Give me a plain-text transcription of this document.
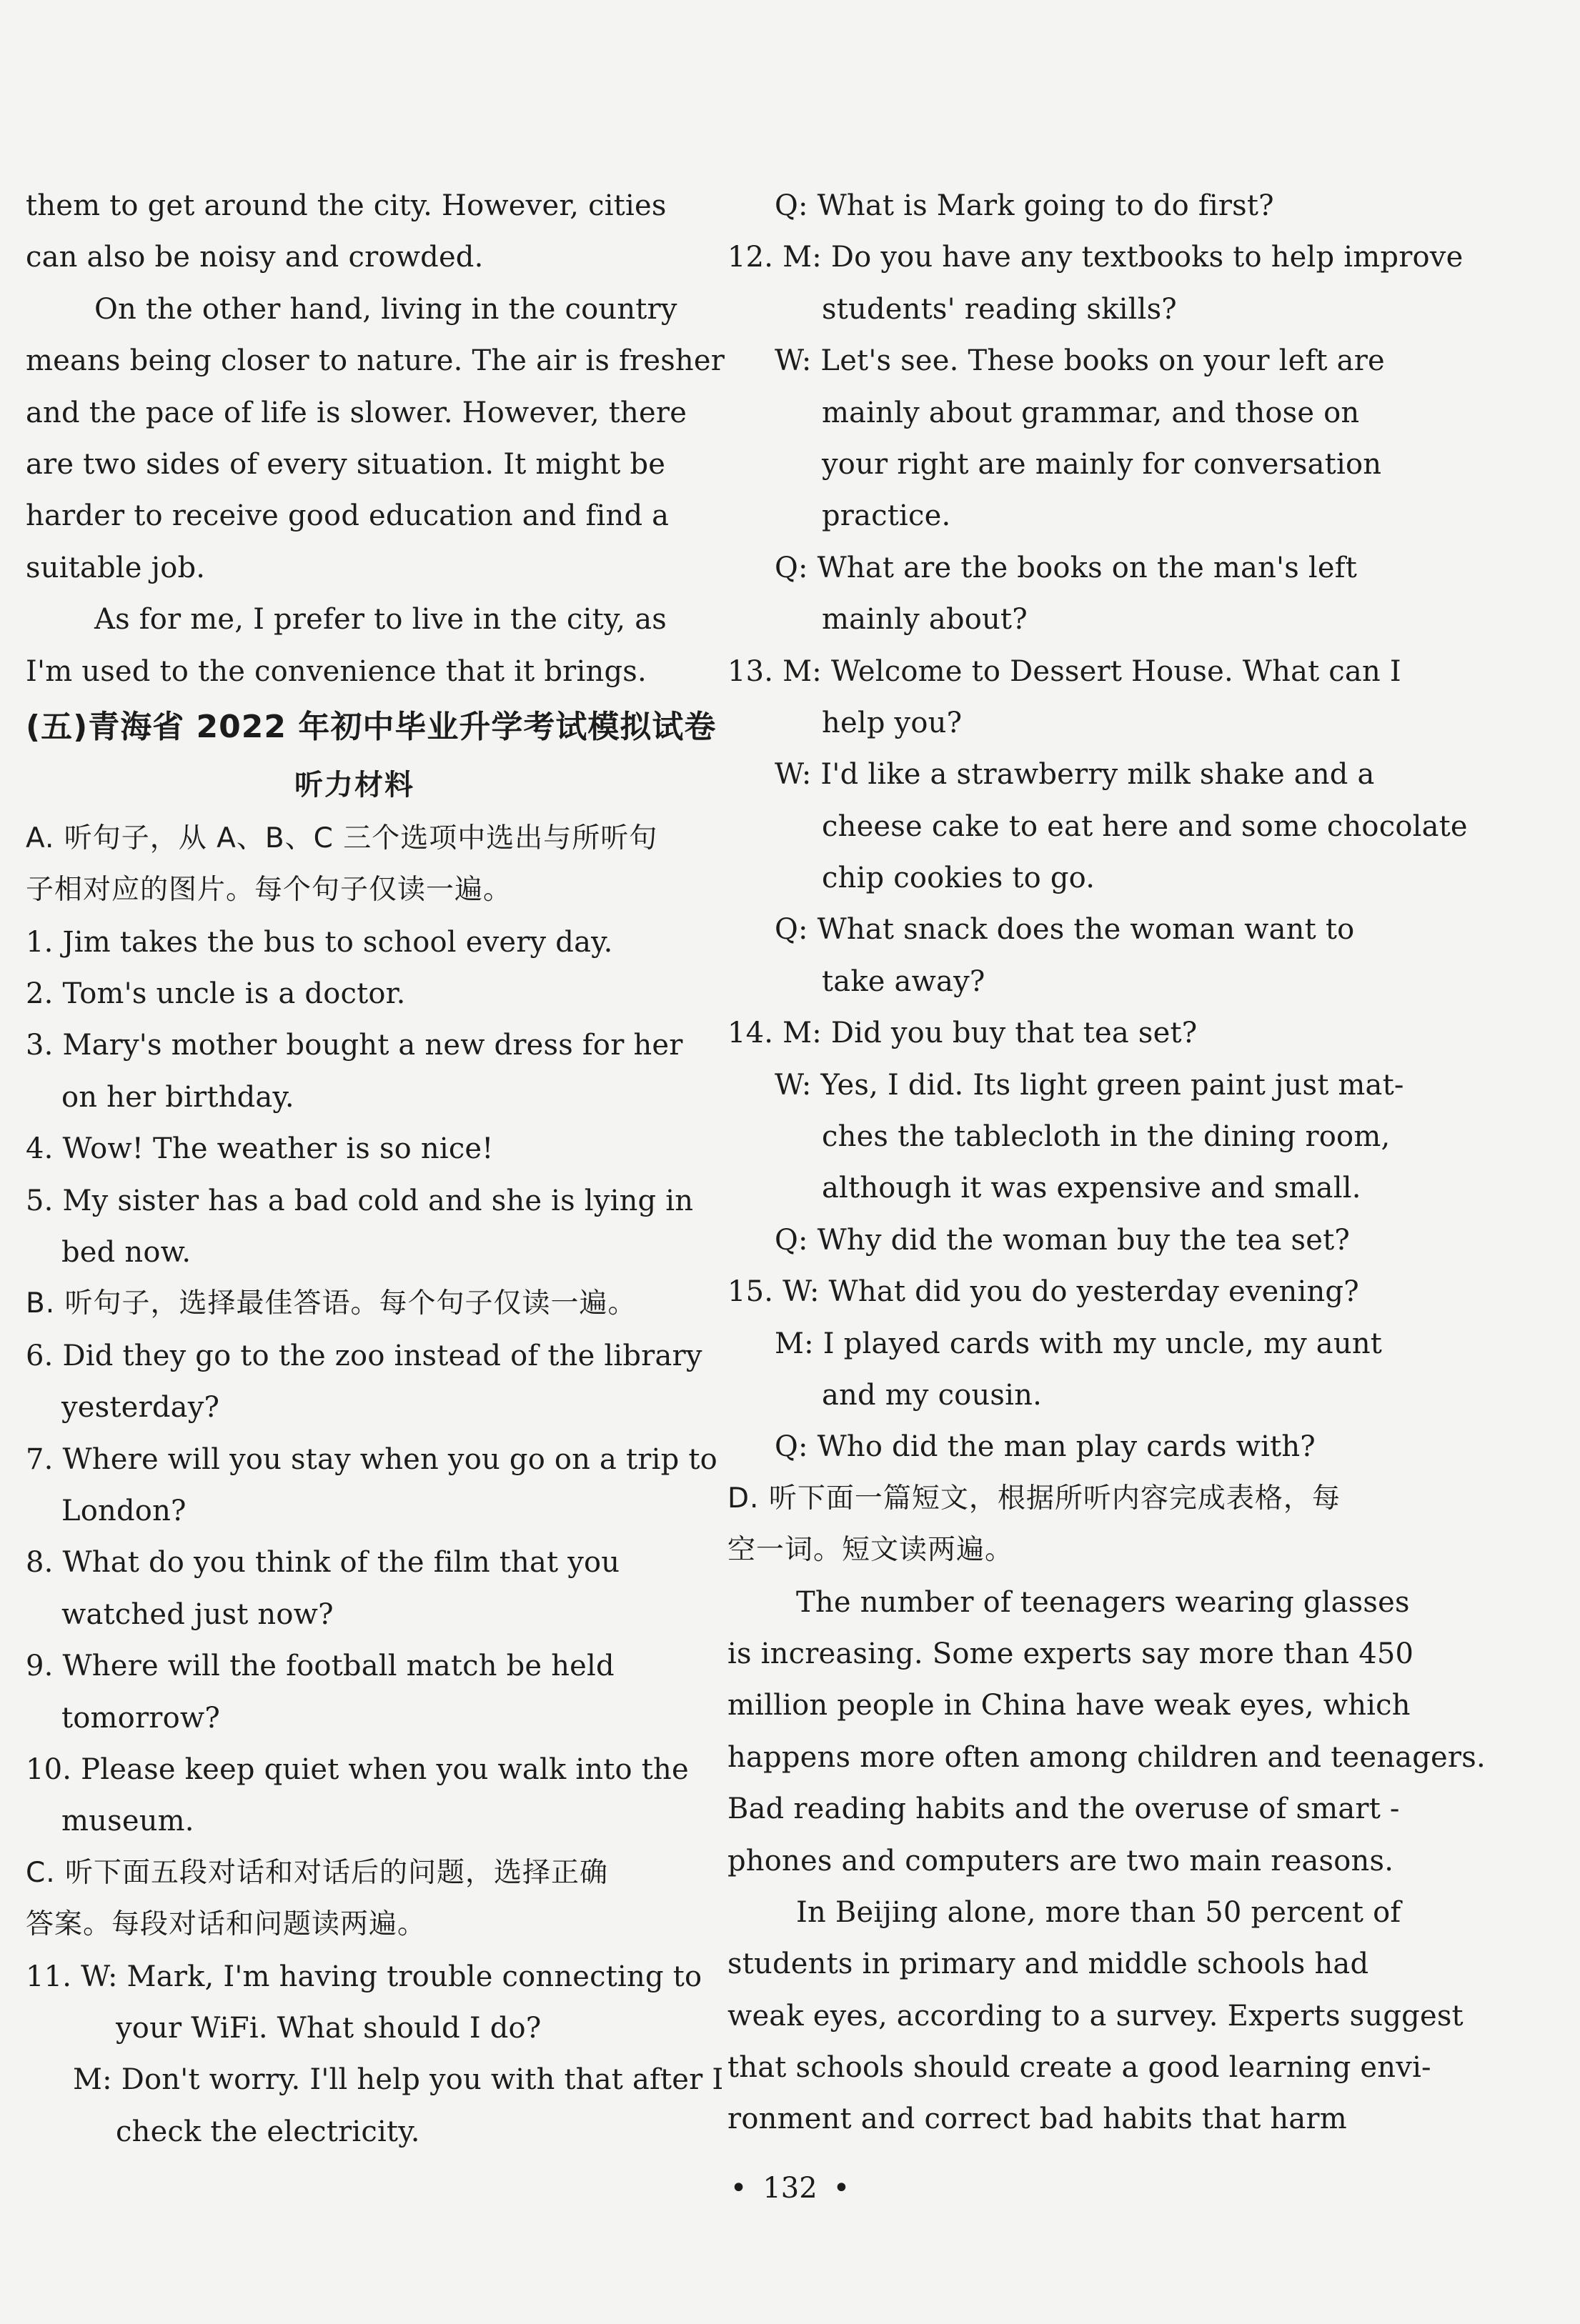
them to get around the city. However, cities
can also be noisy and crowded.
On the other hand, living in the country
means being closer to nature. The air is fresher
and the pace of life is slower. However, there
are two sides of every situation. It might be
harder to receive good education and find a
suitable job.
As for me, I prefer to live in the city, as
I'm used to the convenience that it brings.
(五)青海省 2022 年初中毕业升学考试模拟试卷
听力材料
A. 听句子，从 A、B、C 三个选项中选出与所听句
子相对应的图片。每个句子仅读一遍。
1. Jim takes the bus to school every day.
2. Tom's uncle is a doctor.
3. Mary's mother bought a new dress for her
on her birthday.
4. Wow! The weather is so nice!
5. My sister has a bad cold and she is lying in
bed now.
B. 听句子，选择最佳答语。每个句子仅读一遍。
6. Did they go to the zoo instead of the library
yesterday?
7. Where will you stay when you go on a trip to
London?
8. What do you think of the film that you
watched just now?
9. Where will the football match be held
tomorrow?
10. Please keep quiet when you walk into the
museum.
C. 听下面五段对话和对话后的问题，选择正确
答案。每段对话和问题读两遍。
11. W: Mark, I'm having trouble connecting to
your WiFi. What should I do?
M: Don't worry. I'll help you with that after I
check the electricity.
Q: What is Mark going to do first?
12. M: Do you have any textbooks to help improve
students' reading skills?
W: Let's see. These books on your left are
mainly about grammar, and those on
your right are mainly for conversation
practice.
Q: What are the books on the man's left
mainly about?
13. M: Welcome to Dessert House. What can I
help you?
W: I'd like a strawberry milk shake and a
cheese cake to eat here and some chocolate
chip cookies to go.
Q: What snack does the woman want to
take away?
14. M: Did you buy that tea set?
W: Yes, I did. Its light green paint just mat-
ches the tablecloth in the dining room,
although it was expensive and small.
Q: Why did the woman buy the tea set?
15. W: What did you do yesterday evening?
M: I played cards with my uncle, my aunt
and my cousin.
Q: Who did the man play cards with?
D. 听下面一篇短文，根据所听内容完成表格，每
空一词。短文读两遍。
The number of teenagers wearing glasses
is increasing. Some experts say more than 450
million people in China have weak eyes, which
happens more often among children and teenagers.
Bad reading habits and the overuse of smart -
phones and computers are two main reasons.
In Beijing alone, more than 50 percent of
students in primary and middle schools had
weak eyes, according to a survey. Experts suggest
that schools should create a good learning envi-
ronment and correct bad habits that harm
• 132 •
